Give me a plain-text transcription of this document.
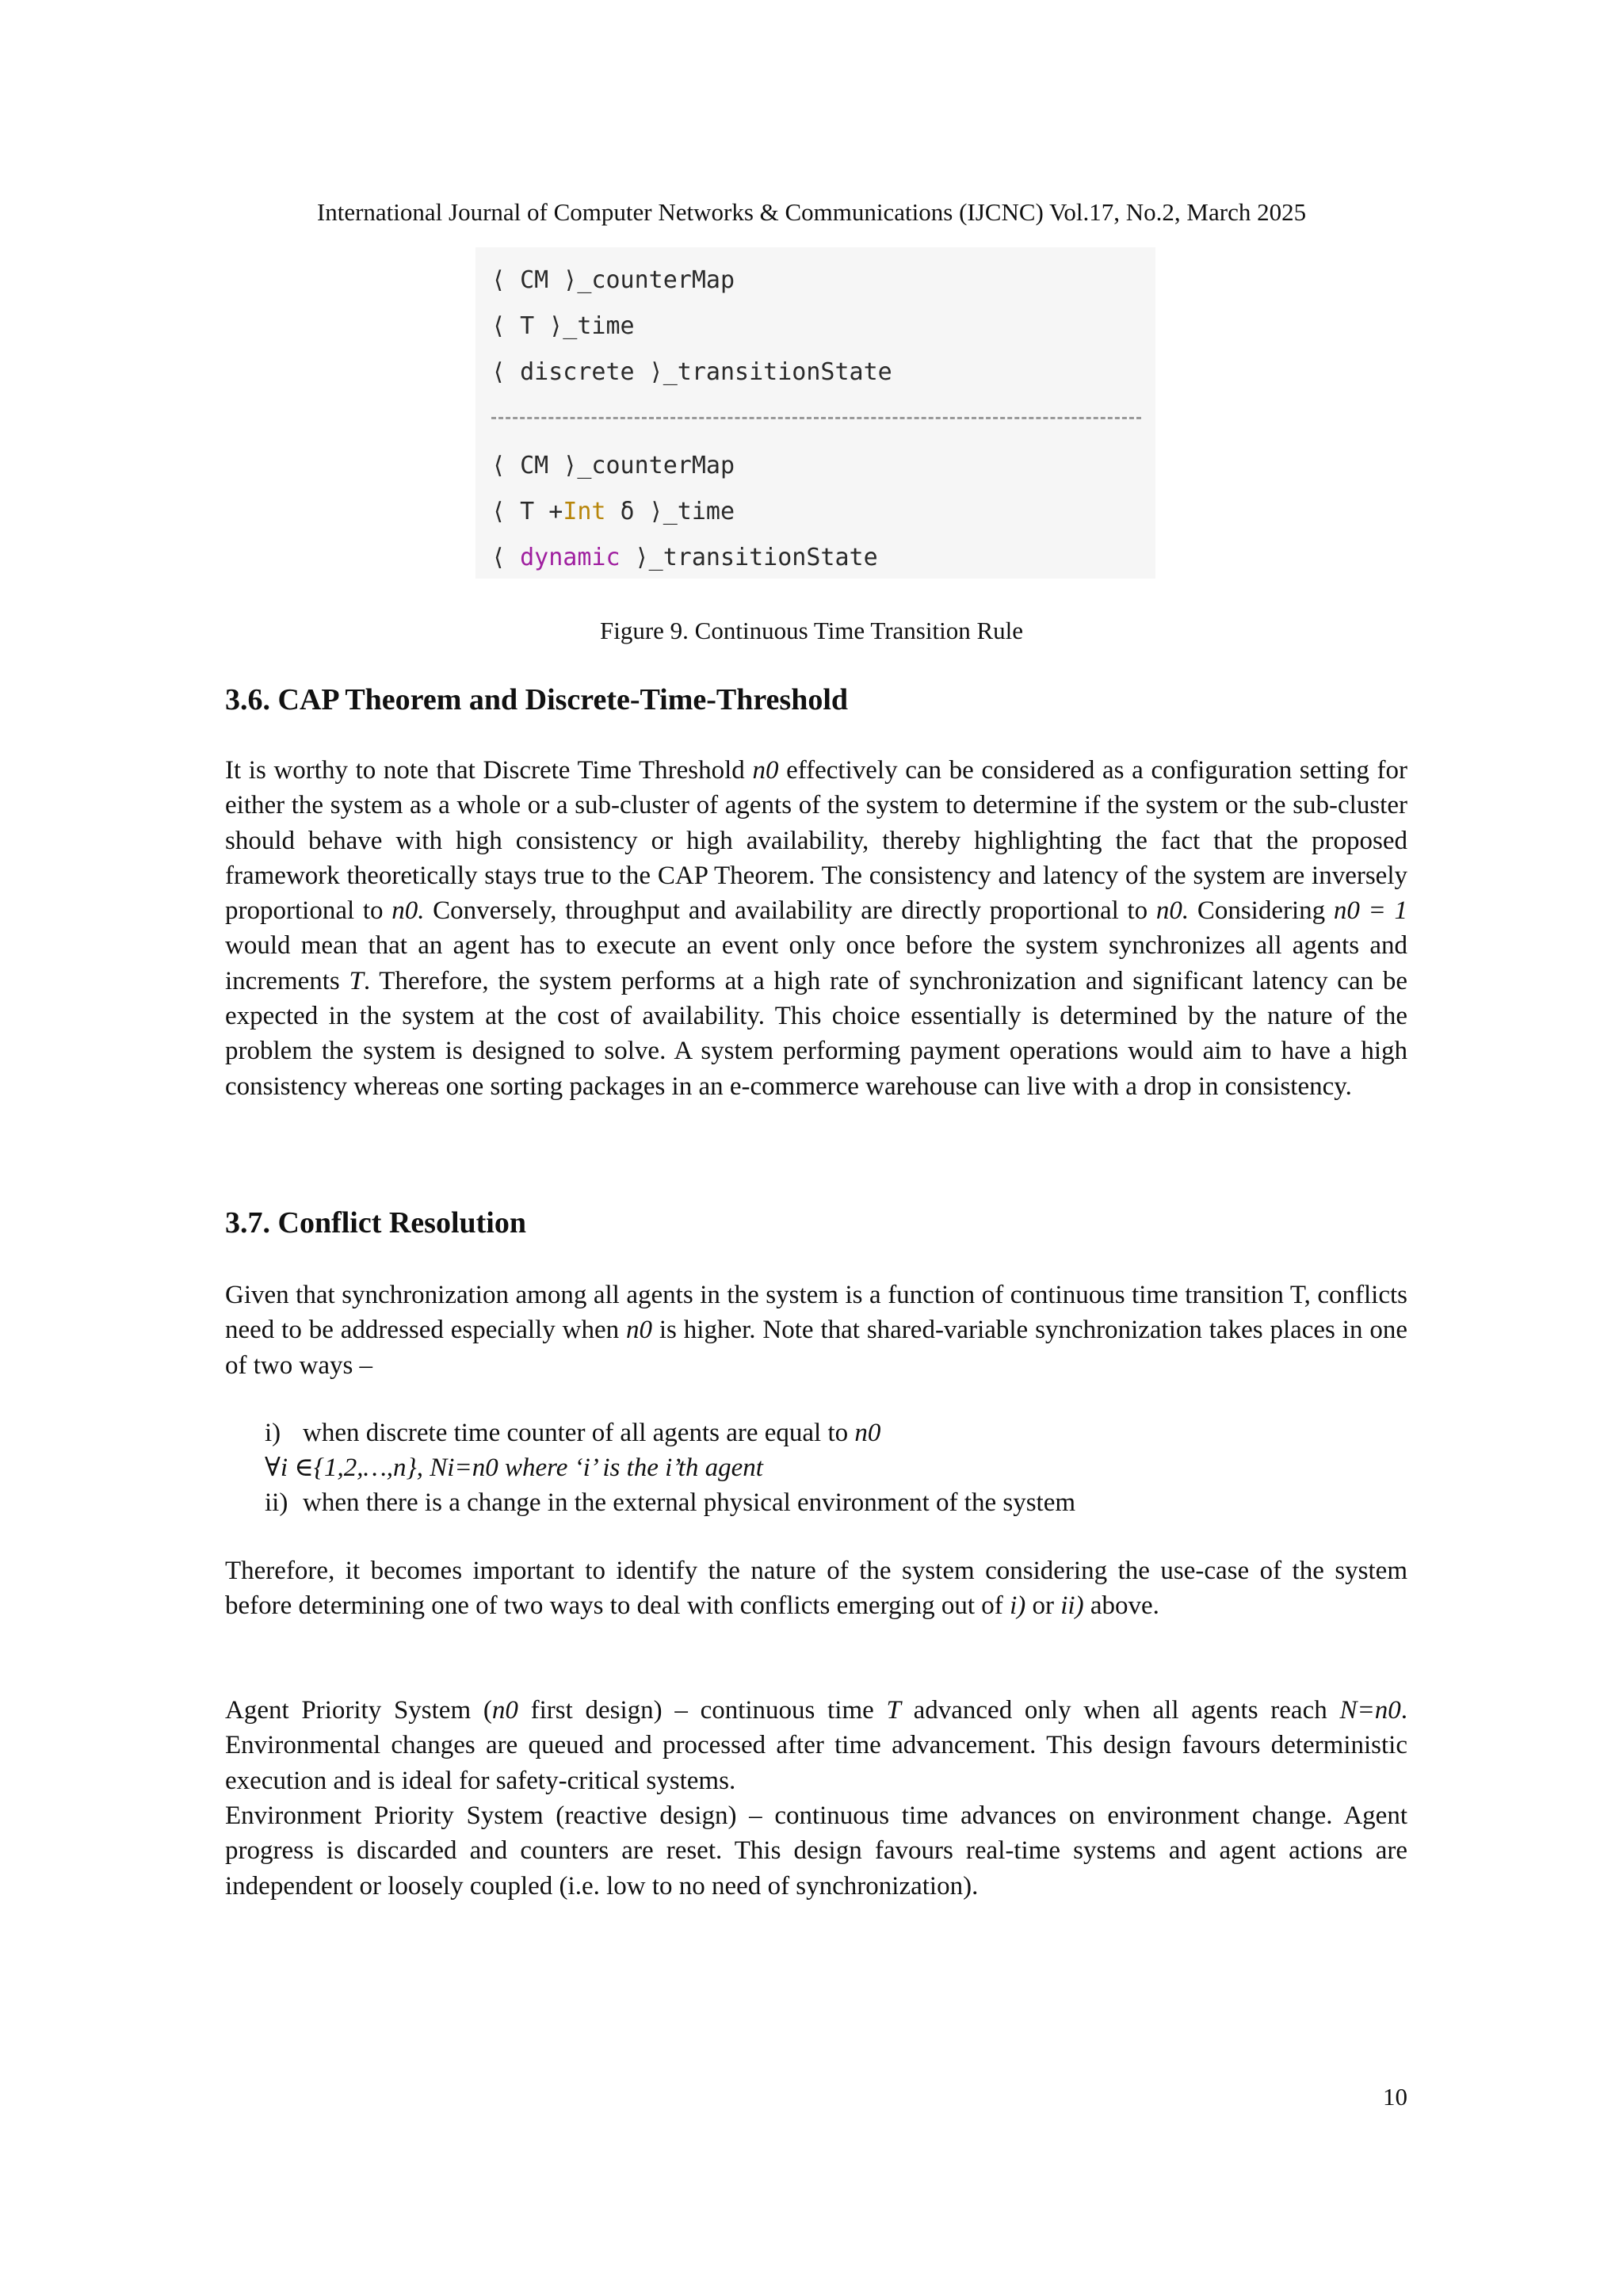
International Journal of Computer Networks & Communications (IJCNC) Vol.17, No.2, March 2025
⟨ CM ⟩_counterMap
⟨ T ⟩_time
⟨ discrete ⟩_transitionState
⟨ CM ⟩_counterMap
⟨ T +Int δ ⟩_time
⟨ dynamic ⟩_transitionState
Figure 9. Continuous Time Transition Rule
3.6. CAP Theorem and Discrete-Time-Threshold
It is worthy to note that Discrete Time Threshold n0 effectively can be considered as a configuration setting for either the system as a whole or a sub-cluster of agents of the system to determine if the system or the sub-cluster should behave with high consistency or high availability, thereby highlighting the fact that the proposed framework theoretically stays true to the CAP Theorem. The consistency and latency of the system are inversely proportional to n0. Conversely, throughput and availability are directly proportional to n0. Considering n0 = 1 would mean that an agent has to execute an event only once before the system synchronizes all agents and increments T. Therefore, the system performs at a high rate of synchronization and significant latency can be expected in the system at the cost of availability. This choice essentially is determined by the nature of the problem the system is designed to solve. A system performing payment operations would aim to have a high consistency whereas one sorting packages in an e-commerce warehouse can live with a drop in consistency.
3.7. Conflict Resolution
Given that synchronization among all agents in the system is a function of continuous time transition T, conflicts need to be addressed especially when n0 is higher. Note that shared-variable synchronization takes places in one of two ways –
i) when discrete time counter of all agents are equal to n0
∀i ∈{1,2,…,n}, Ni=n0 where ‘i’ is the i’th agent
ii) when there is a change in the external physical environment of the system
Therefore, it becomes important to identify the nature of the system considering the use-case of the system before determining one of two ways to deal with conflicts emerging out of i) or ii) above.
Agent Priority System (n0 first design) – continuous time T advanced only when all agents reach N=n0. Environmental changes are queued and processed after time advancement. This design favours deterministic execution and is ideal for safety-critical systems.
Environment Priority System (reactive design) – continuous time advances on environment change. Agent progress is discarded and counters are reset. This design favours real-time systems and agent actions are independent or loosely coupled (i.e. low to no need of synchronization).
10
